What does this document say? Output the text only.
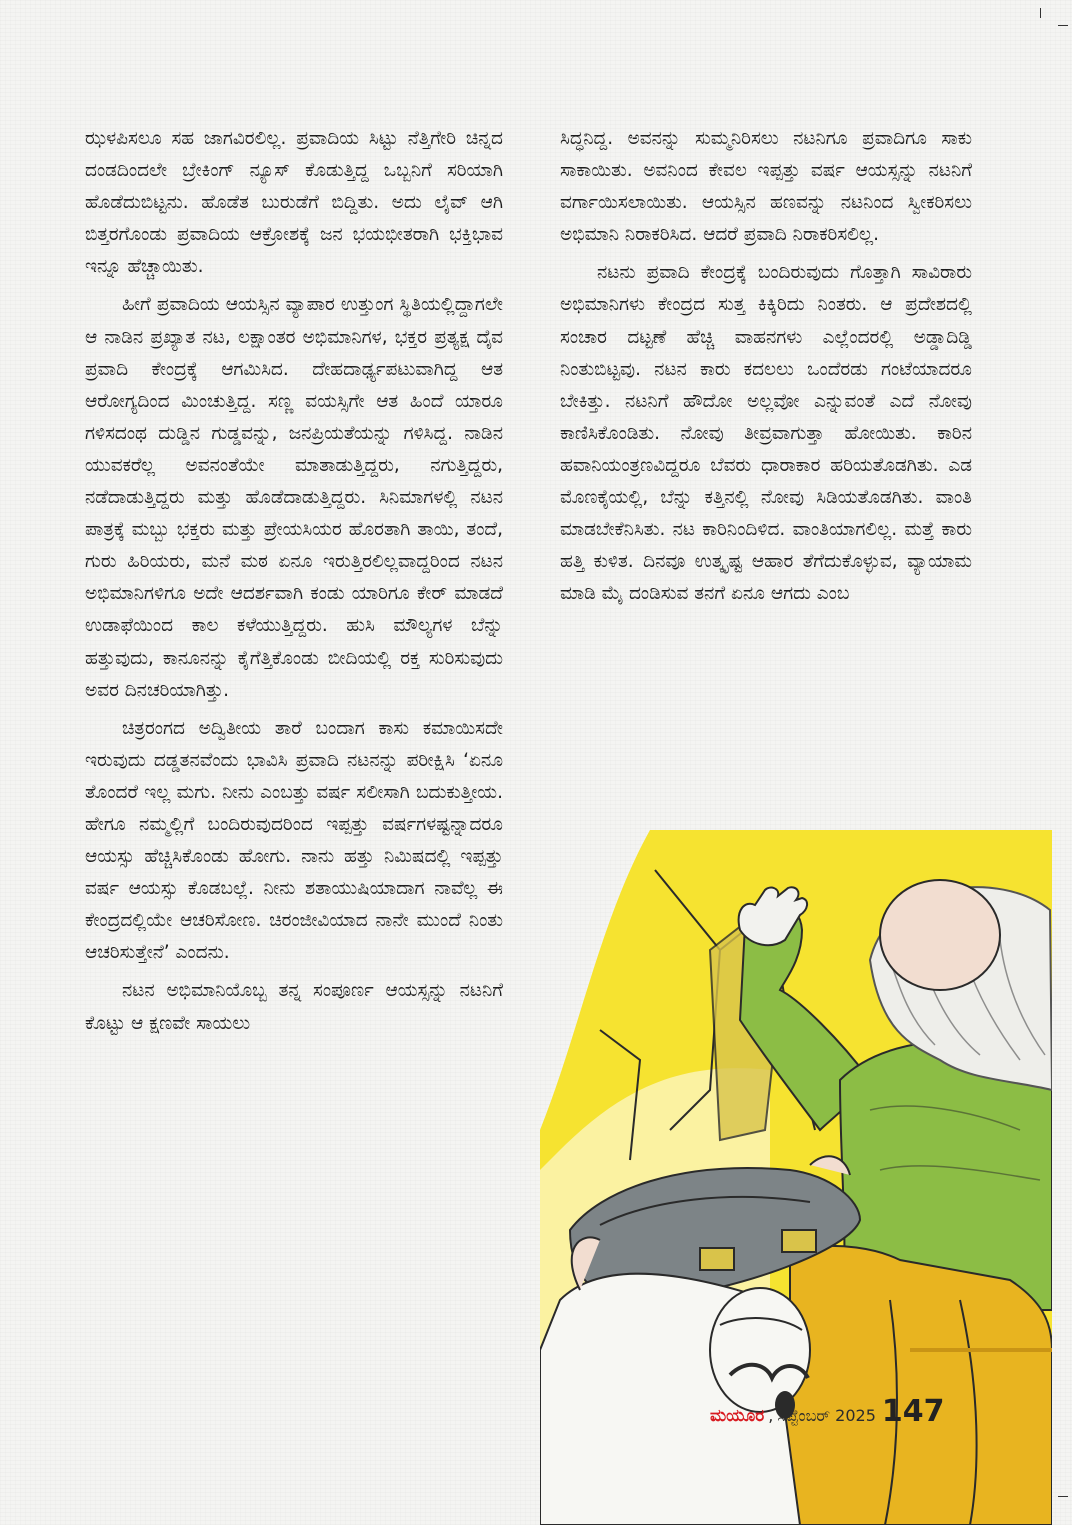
ಝಳಪಿಸಲೂ ಸಹ ಜಾಗವಿರಲಿಲ್ಲ. ಪ್ರವಾದಿಯ ಸಿಟ್ಟು ನೆತ್ತಿಗೇರಿ ಚಿನ್ನದ ದಂಡದಿಂದಲೇ ಬ್ರೇಕಿಂಗ್ ನ್ಯೂಸ್ ಕೊಡುತ್ತಿದ್ದ ಒಬ್ಬನಿಗೆ ಸರಿಯಾಗಿ ಹೊಡೆದುಬಿಟ್ಟನು. ಹೊಡೆತ ಬುರುಡೆಗೆ ಬಿದ್ದಿತು. ಅದು ಲೈವ್ ಆಗಿ ಬಿತ್ತರಗೊಂಡು ಪ್ರವಾದಿಯ ಆಕ್ರೋಶಕ್ಕೆ ಜನ ಭಯಭೀತರಾಗಿ ಭಕ್ತಿಭಾವ ಇನ್ನೂ ಹೆಚ್ಚಾಯಿತು.

ಹೀಗೆ ಪ್ರವಾದಿಯ ಆಯಸ್ಸಿನ ವ್ಯಾಪಾರ ಉತ್ತುಂಗ ಸ್ಥಿತಿಯಲ್ಲಿದ್ದಾಗಲೇ ಆ ನಾಡಿನ ಪ್ರಖ್ಯಾತ ನಟ, ಲಕ್ಷಾಂತರ ಅಭಿಮಾನಿಗಳ, ಭಕ್ತರ ಪ್ರತ್ಯಕ್ಷ ದೈವ ಪ್ರವಾದಿ ಕೇಂದ್ರಕ್ಕೆ ಆಗಮಿಸಿದ. ದೇಹದಾರ್ಢ್ಯಪಟುವಾಗಿದ್ದ ಆತ ಆರೋಗ್ಯದಿಂದ ಮಿಂಚುತ್ತಿದ್ದ. ಸಣ್ಣ ವಯಸ್ಸಿಗೇ ಆತ ಹಿಂದೆ ಯಾರೂ ಗಳಿಸದಂಥ ದುಡ್ಡಿನ ಗುಡ್ಡವನ್ನು, ಜನಪ್ರಿಯತೆಯನ್ನು ಗಳಿಸಿದ್ದ. ನಾಡಿನ ಯುವಕರೆಲ್ಲ ಅವನಂತೆಯೇ ಮಾತಾಡುತ್ತಿದ್ದರು, ನಗುತ್ತಿದ್ದರು, ನಡೆದಾಡುತ್ತಿದ್ದರು ಮತ್ತು ಹೊಡೆದಾಡುತ್ತಿದ್ದರು. ಸಿನಿಮಾಗಳಲ್ಲಿ ನಟನ ಪಾತ್ರಕ್ಕೆ ಮಬ್ಬು ಭಕ್ತರು ಮತ್ತು ಪ್ರೇಯಸಿಯರ ಹೊರತಾಗಿ ತಾಯಿ, ತಂದೆ, ಗುರು ಹಿರಿಯರು, ಮನೆ ಮಠ ಏನೂ ಇರುತ್ತಿರಲಿಲ್ಲವಾದ್ದರಿಂದ ನಟನ ಅಭಿಮಾನಿಗಳಿಗೂ ಅದೇ ಆದರ್ಶವಾಗಿ ಕಂಡು ಯಾರಿಗೂ ಕೇರ್ ಮಾಡದೆ ಉಡಾಫೆಯಿಂದ ಕಾಲ ಕಳೆಯುತ್ತಿದ್ದರು. ಹುಸಿ ಮೌಲ್ಯಗಳ ಬೆನ್ನು ಹತ್ತುವುದು, ಕಾನೂನನ್ನು ಕೈಗೆತ್ತಿಕೊಂಡು ಬೀದಿಯಲ್ಲಿ ರಕ್ತ ಸುರಿಸುವುದು ಅವರ ದಿನಚರಿಯಾಗಿತ್ತು.

ಚಿತ್ರರಂಗದ ಅದ್ವಿತೀಯ ತಾರೆ ಬಂದಾಗ ಕಾಸು ಕಮಾಯಿಸದೇ ಇರುವುದು ದಡ್ಡತನವೆಂದು ಭಾವಿಸಿ ಪ್ರವಾದಿ ನಟನನ್ನು ಪರೀಕ್ಷಿಸಿ ‘ಏನೂ ತೊಂದರೆ ಇಲ್ಲ ಮಗು. ನೀನು ಎಂಬತ್ತು ವರ್ಷ ಸಲೀಸಾಗಿ ಬದುಕುತ್ತೀಯ. ಹೇಗೂ ನಮ್ಮಲ್ಲಿಗೆ ಬಂದಿರುವುದರಿಂದ ಇಪ್ಪತ್ತು ವರ್ಷಗಳಷ್ಟನ್ನಾದರೂ ಆಯಸ್ಸು ಹೆಚ್ಚಿಸಿಕೊಂಡು ಹೋಗು. ನಾನು ಹತ್ತು ನಿಮಿಷದಲ್ಲಿ ಇಪ್ಪತ್ತು ವರ್ಷ ಆಯಸ್ಸು ಕೊಡಬಲ್ಲೆ. ನೀನು ಶತಾಯುಷಿಯಾದಾಗ ನಾವೆಲ್ಲ ಈ ಕೇಂದ್ರದಲ್ಲಿಯೇ ಆಚರಿಸೋಣ. ಚಿರಂಜೀವಿಯಾದ ನಾನೇ ಮುಂದೆ ನಿಂತು ಆಚರಿಸುತ್ತೇನೆ’ ಎಂದನು.

ನಟನ ಅಭಿಮಾನಿಯೊಬ್ಬ ತನ್ನ ಸಂಪೂರ್ಣ ಆಯಸ್ಸನ್ನು ನಟನಿಗೆ ಕೊಟ್ಟು ಆ ಕ್ಷಣವೇ ಸಾಯಲು

ಸಿದ್ಧನಿದ್ದ. ಅವನನ್ನು ಸುಮ್ಮನಿರಿಸಲು ನಟನಿಗೂ ಪ್ರವಾದಿಗೂ ಸಾಕು ಸಾಕಾಯಿತು. ಅವನಿಂದ ಕೇವಲ ಇಪ್ಪತ್ತು ವರ್ಷ ಆಯಸ್ಸನ್ನು ನಟನಿಗೆ ವರ್ಗಾಯಿಸಲಾಯಿತು. ಆಯಸ್ಸಿನ ಹಣವನ್ನು ನಟನಿಂದ ಸ್ವೀಕರಿಸಲು ಅಭಿಮಾನಿ ನಿರಾಕರಿಸಿದ. ಆದರೆ ಪ್ರವಾದಿ ನಿರಾಕರಿಸಲಿಲ್ಲ.

ನಟನು ಪ್ರವಾದಿ ಕೇಂದ್ರಕ್ಕೆ ಬಂದಿರುವುದು ಗೊತ್ತಾಗಿ ಸಾವಿರಾರು ಅಭಿಮಾನಿಗಳು ಕೇಂದ್ರದ ಸುತ್ತ ಕಿಕ್ಕಿರಿದು ನಿಂತರು. ಆ ಪ್ರದೇಶದಲ್ಲಿ ಸಂಚಾರ ದಟ್ಟಣೆ ಹೆಚ್ಚಿ ವಾಹನಗಳು ಎಲ್ಲೆಂದರಲ್ಲಿ ಅಡ್ಡಾದಿಡ್ಡಿ ನಿಂತುಬಿಟ್ಟವು. ನಟನ ಕಾರು ಕದಲಲು ಒಂದೆರಡು ಗಂಟೆಯಾದರೂ ಬೇಕಿತ್ತು. ನಟನಿಗೆ ಹೌದೋ ಅಲ್ಲವೋ ಎನ್ನುವಂತೆ ಎದೆ ನೋವು ಕಾಣಿಸಿಕೊಂಡಿತು. ನೋವು ತೀವ್ರವಾಗುತ್ತಾ ಹೋಯಿತು. ಕಾರಿನ ಹವಾನಿಯಂತ್ರಣವಿದ್ದರೂ ಬೆವರು ಧಾರಾಕಾರ ಹರಿಯತೊಡಗಿತು. ಎಡ ಮೊಣಕೈಯಲ್ಲಿ, ಬೆನ್ನು ಕತ್ತಿನಲ್ಲಿ ನೋವು ಸಿಡಿಯತೊಡಗಿತು. ವಾಂತಿ ಮಾಡಬೇಕೆನಿಸಿತು. ನಟ ಕಾರಿನಿಂದಿಳಿದ. ವಾಂತಿಯಾಗಲಿಲ್ಲ. ಮತ್ತೆ ಕಾರು ಹತ್ತಿ ಕುಳಿತ. ದಿನವೂ ಉತ್ಕೃಷ್ಟ ಆಹಾರ ತೆಗೆದುಕೊಳ್ಳುವ, ವ್ಯಾಯಾಮ ಮಾಡಿ ಮೈ ದಂಡಿಸುವ ತನಗೆ ಏನೂ ಆಗದು ಎಂಬ

ಮಯೂರ , ಸೆಪ್ಟೆಂಬರ್ 2025 147
